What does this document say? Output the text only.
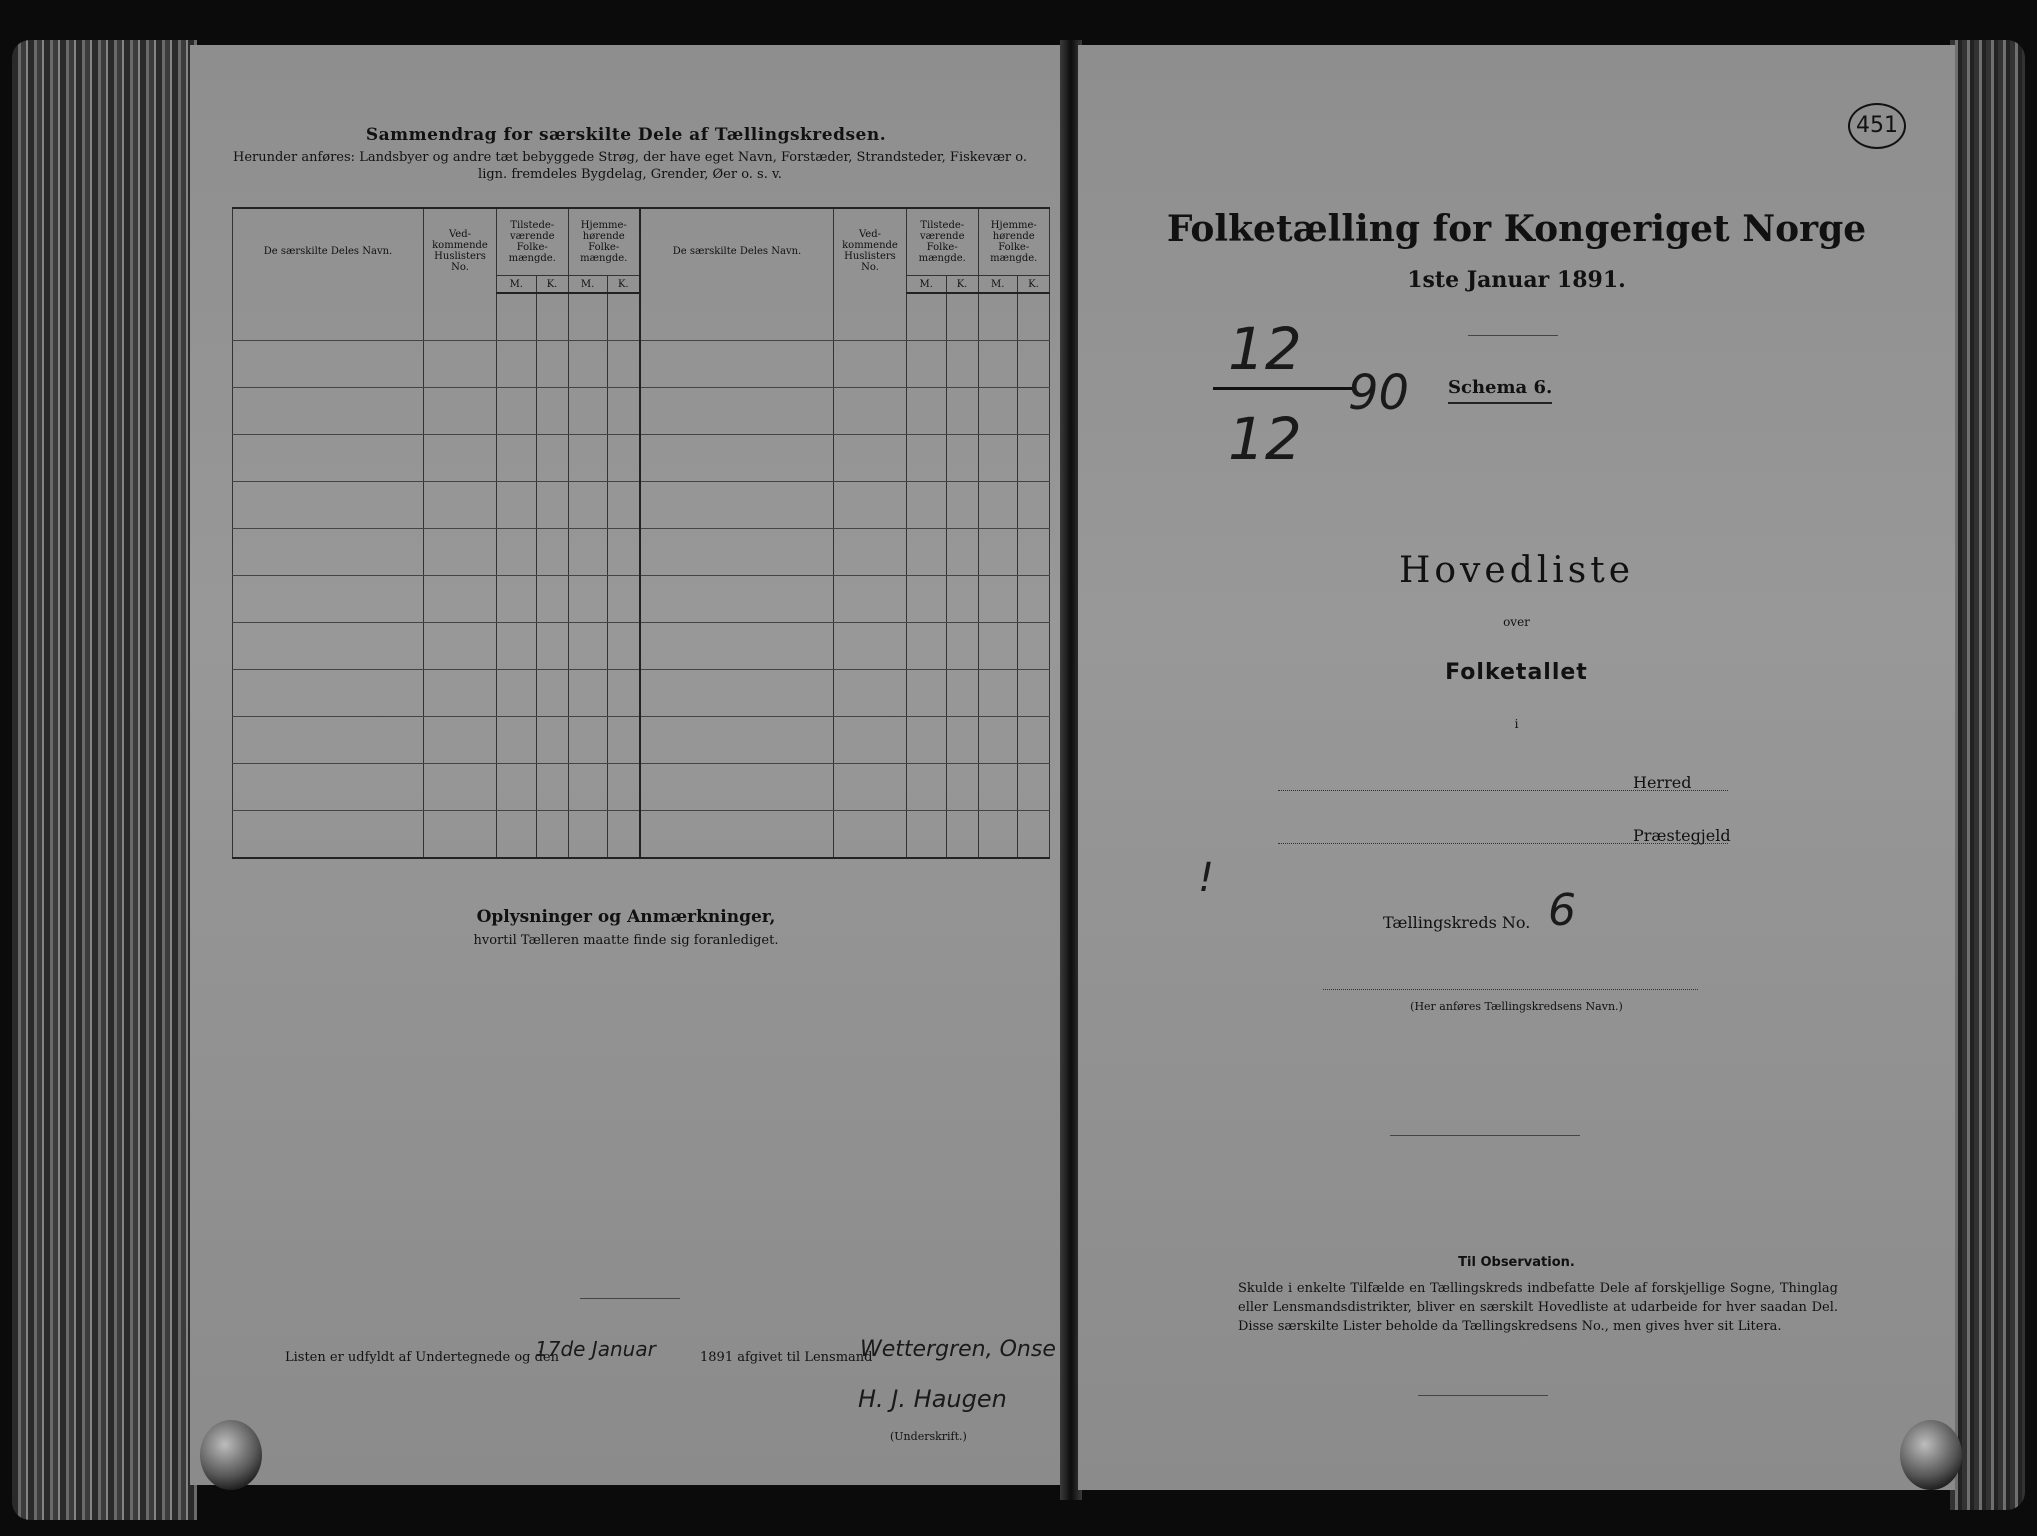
Sammendrag for særskilte Dele af Tællingskredsen.
Herunder anføres: Landsbyer og andre tæt bebyggede Strøg, der have eget Navn, Forstæder, Strandsteder, Fiskevær o. lign. fremdeles Bygdelag, Grender, Øer o. s. v.
De særskilte Deles Navn.	Ved-kommende Huslisters No.	Tilstede-værende Folke-mængde.		Hjemme-hørende Folke-mængde.		De særskilte Deles Navn.	Ved-kommende Huslisters No.	Tilstede-værende Folke-mængde.		Hjemme-hørende Folke-mængde.	
		M.	K.	M.	K.			M.	K.	M.	K.

Oplysninger og Anmærkninger,
hvortil Tælleren maatte finde sig foranlediget.
Listen er udfyldt af Undertegnede og den
17de Januar	1891 afgivet til Lensmand
Wettergren, Onse
H. J. Haugen
(Underskrift.)
451
Folketælling for Kongeriget Norge
1ste Januar 1891.
12
12
90 Schema 6.
Hovedliste
over
Folketallet
i
Herred
Præstegjeld
!
Tællingskreds No. 6
(Her anføres Tællingskredsens Navn.)
Til Observation.
Skulde i enkelte Tilfælde en Tællingskreds indbefatte Dele af forskjellige Sogne, Thinglag eller Lensmandsdistrikter, bliver en særskilt Hovedliste at udarbeide for hver saadan Del. Disse særskilte Lister beholde da Tællingskredsens No., men gives hver sit Litera.
